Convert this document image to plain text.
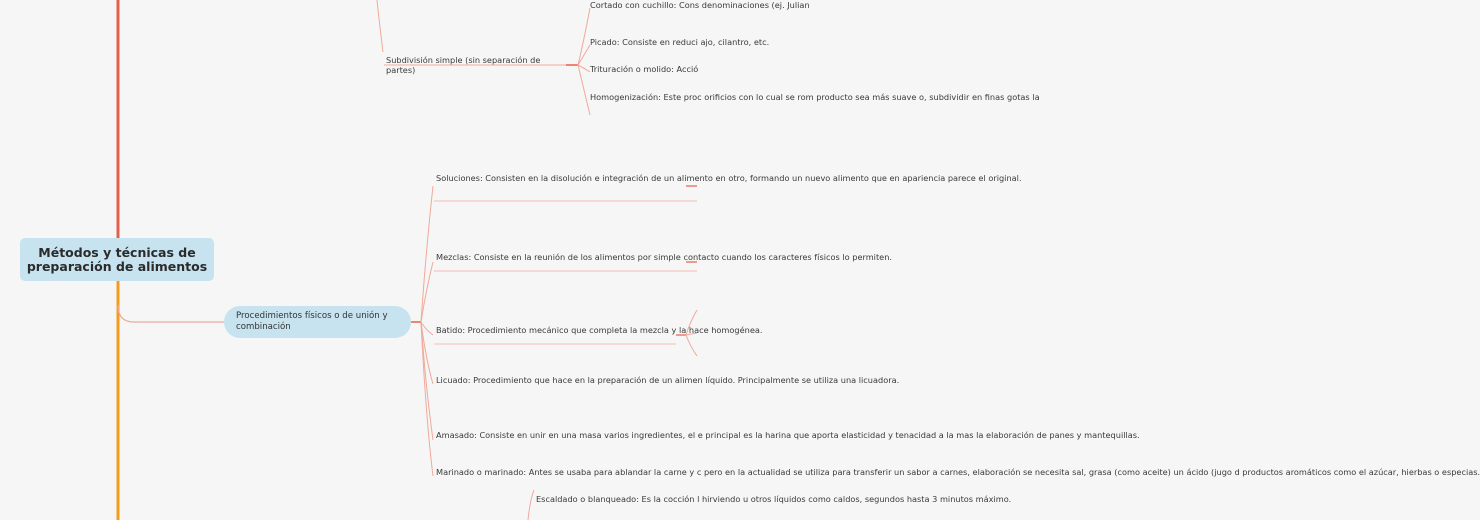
Subdivisión simple (sin separación de
partes)
Cortado con cuchillo: Cons denominaciones (ej. Julian
Picado: Consiste en reduci ajo, cilantro, etc.
Trituración o molido: Acció
Homogenización: Este proc orificios con lo cual se rom producto sea más suave o, subdividir en finas gotas la
Métodos y técnicas de
preparación de alimentos
Procedimientos físicos o de unión y
combinación
Soluciones: Consisten en la disolución e integración de un alimento en otro, formando un nuevo alimento que en apariencia parece el original.
Mezclas: Consiste en la reunión de los alimentos por simple contacto cuando los caracteres físicos lo permiten.
Batido: Procedimiento mecánico que completa la mezcla y la hace homogénea.
Licuado: Procedimiento que hace en la preparación de un alimen líquido. Principalmente se utiliza una licuadora.
Amasado: Consiste en unir en una masa varios ingredientes, el e principal es la harina que aporta elasticidad y tenacidad a la mas la elaboración de panes y mantequillas.
Marinado o marinado: Antes se usaba para ablandar la carne y c pero en la actualidad se utiliza para transferir un sabor a carnes, elaboración se necesita sal, grasa (como aceite) un ácido (jugo d productos aromáticos como el azúcar, hierbas o especias.
Escaldado o blanqueado: Es la cocción l hirviendo u otros líquidos como caldos, segundos hasta 3 minutos máximo.
